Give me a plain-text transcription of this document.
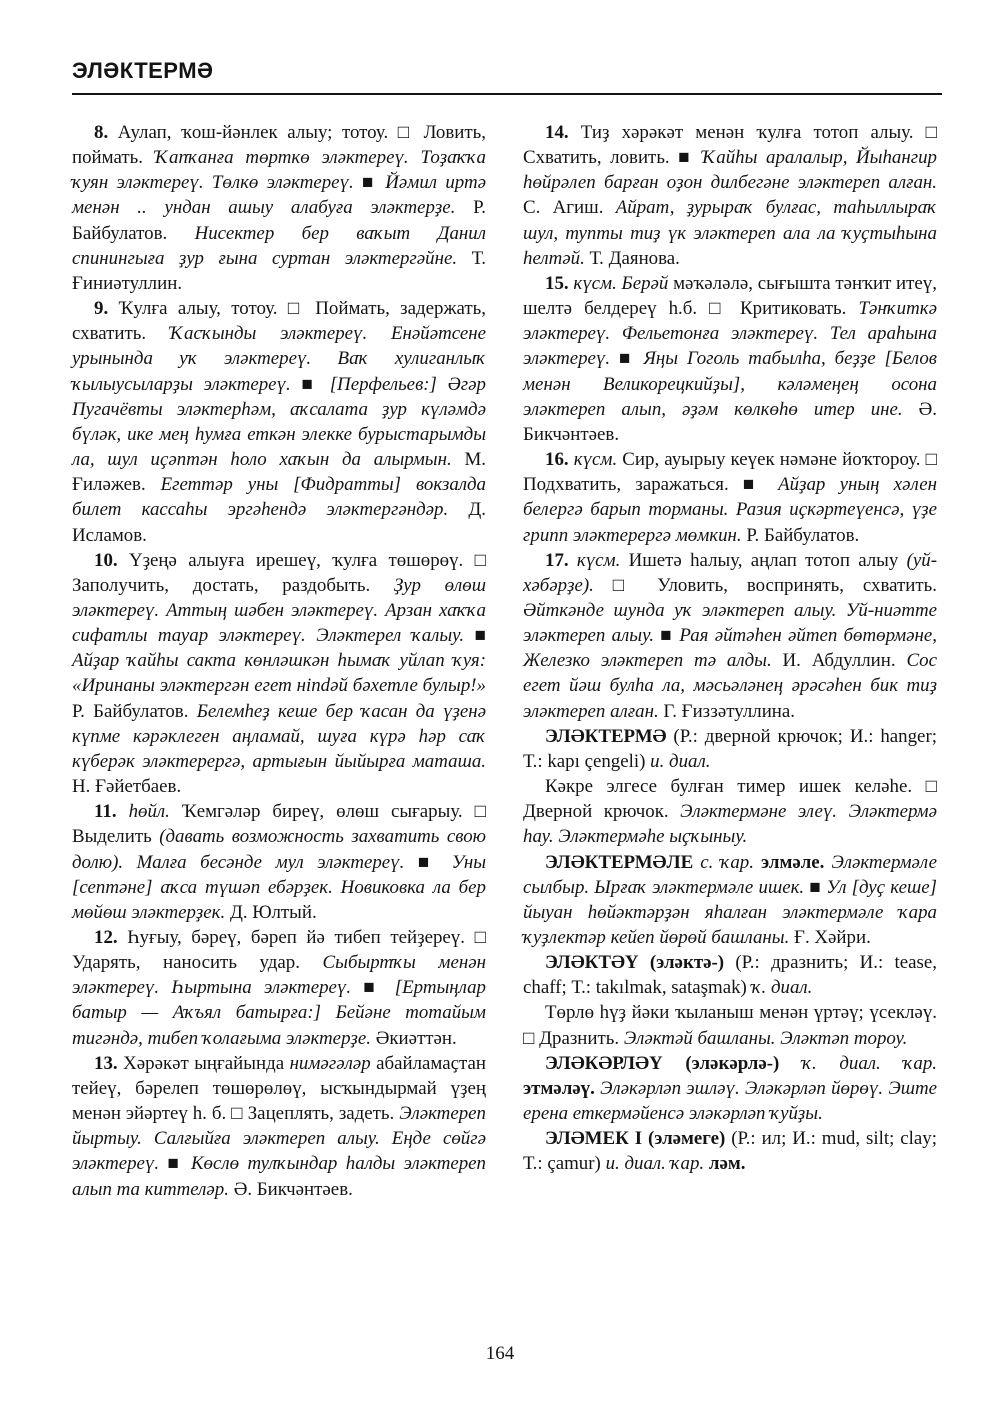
ЭЛӘКТЕРМӘ

8. Аулап, ҡош-йәнлек алыу; тотоу. □ Ловить, поймать. Ҡапҡанға төрткө эләктереү. Тоҙаҡҡа ҡуян эләктереү. Төлкө эләктереү. ■ Йәмил иртә менән .. ундан ашыу алабуға эләктерҙе. Р. Байбулатов. Нисектер бер ваҡыт Данил спинингыға ҙур ғына суртан эләктергәйне. Т. Ғиниәтуллин.

9. Ҡулға алыу, тотоу. □ Поймать, задержать, схватить. Ҡасҡынды эләктереү. Енәйәтсене урынында уҡ эләктереү. Ваҡ хулиганлыҡ ҡылыусыларҙы эләктереү. ■ [Перфельев:] Әгәр Пугачёвты эләктерһәм, аҡсалата ҙур күләмдә бүләк, ике мең һумға еткән элекке бурыстарымды ла, шул иҫәптән һоло хаҡын да алырмын. М. Ғиләжев. Егеттәр уны [Фидратты] вокзалда билет кассаһы эргәһендә эләктергәндәр. Д. Исламов.

10. Үҙеңә алыуға ирешеү, ҡулға төшөрөү. □ Заполучить, достать, раздобыть. Ҙур өлөш эләктереү. Аттың шәбен эләктереү. Арзан хаҡҡа сифатлы тауар эләктереү. Эләктерел ҡалыу. ■ Айҙар ҡайһы сакта көнләшкән һымаҡ уйлап ҡуя: «Иринаны эләктергән егет нindәй бәхетле булыр!» Р. Байбулатов. Белемһеҙ кеше бер ҡасан да үҙенә күпме кәрәклеген аңламай, шуға күрә һәр саҡ күберәк эләктерергә, артығын йыйырға маташа. Н. Ғәйетбаев.

11. һөйл. Ҡемгәләр биреү, өлөш сығарыу. □ Выделить (давать возможность захватить свою долю). Малға бесәнде мул эләктереү. ■ Уны [септәне] аҡса түшәп ебәрҙек. Новиковка ла бер мөйөш эләктерҙек. Д. Юлтый.

12. Һуғыу, бәреү, бәреп йә тибеп тейҙереү. □ Ударять, наносить удар. Сыбыртҡы менән эләктереү. Һыртына эләктереү. ■ [Ертыңлар батыр — Аҡъял батырға:] Бейәне тотайым тигәндә, тибеп ҡолағыма эләктерҙе. Әкиәттән.

13. Хәрәкәт ыңғайында нимәгәләр абайламаҫтан тейеү, бәрелеп төшөрөлөү, ысҡындырмай үҙең менән эйәртеү һ. б. □ Зацеплять, задеть. Эләктереп йыртыу. Салғыйға эләктереп алыу. Еңде сөйгә эләктереү. ■ Көсл​ө тулҡындар һалды эләктереп алып та киттеләр. Ә. Бикчәнтәев.

14. Тиҙ хәрәкәт менән ҡулға тотоп алыу. □ Схватить, ловить. ■ Ҡайһы аралалыр, Йыһангир һөйрәлеп барған оҙон дилбегәне эләктереп алған. С. Агиш. Айрат, ҙурыраҡ булғас, таһыллыраҡ шул, тупты тиҙ үк эләктереп ала ла ҡуҫтыһына һелтәй. Т. Даянова.

15. күсм. Берәй мәҡәләлә, сығышта тәнҡит итеү, шелтә белдереү һ.б. □ Критиковать. Тәнҡиткә эләктереү. Фельетонға эләктереү. Тел араһына эләктереү. ■ Яңы Гоголь табылһа, беҙҙе [Белов менән Великорецкийҙы], кәләмеңең осона эләктереп алып, әҙәм көлкөһө итер ине. Ә. Бикчәнтәев.

16. күсм. Сир, ауырыу кеүек нәмәне йоҡтороу. □ Подхватить, заражаться. ■ Айҙар уның хәлен белергә барып торманы. Разия иҫкәртеүенсә, үҙе грипп эләктерергә мөмкин. Р. Байбулатов.

17. күсм. Ишетә һалыу, аңлап тотоп алыу (уй-хәбәрҙе). □ Уловить, воспринять, схватить. Әйткәнде шунда уҡ эләктереп алыу. Уй-ниәтте эләктереп алыу. ■ Рая әйтәһен әйтеп бөтөрмәне, Железко эләктереп тә алды. И. Абдуллин. Сос егет йәш булһа ла, мәсьәләнең әрәсәһен бик тиҙ эләктереп алған. Г. Ғиззәтуллина.

ЭЛӘКТЕРМӘ (Р.: дверной крючок; И.: hanger; Т.: kapı çengeli) и. диал.

Кәкре элгесе булған тимер ишек келәһе. □ Дверной крючок. Эләктермәне элеү. Эләктермә һау. Эләктермәһе ыҫҡыныу.

ЭЛӘКТЕРМӘЛЕ с. ҡар. элмәле. Эләктермәле сылбыр. Ырғаҡ эләктермәле ишек. ■ Ул [дуҫ кеше] йыуан һөйәктәрҙән яһалған эләктермәле ҡара ҡуҙлектәр кейеп йөрөй башланы. Ғ. Хәйри.

ЭЛӘКТӘҮ (эләктә-) (Р.: дразнить; И.: tease, chaff; Т.: takılmak, sataşmak) ҡ. диал.

Төрлө һүҙ йәки ҡыланыш менән үртәү; үсекләү. □ Дразнить. Эләктәй башланы. Эләктәп тороу.

ЭЛӘКӘРЛӘҮ (эләкәрлә-) ҡ. диал. ҡар. этмәләү. Эләкәрләп эшләү. Эләкәрләп йөрөү. Эште ерена еткермәйенсә эләкәрләп ҡуйҙы.

ЭЛӘМЕК I (элә​меге) (Р.: ил; И.: mud, silt; clay; Т.: çamur) и. диал. ҡар. ләм.

164
